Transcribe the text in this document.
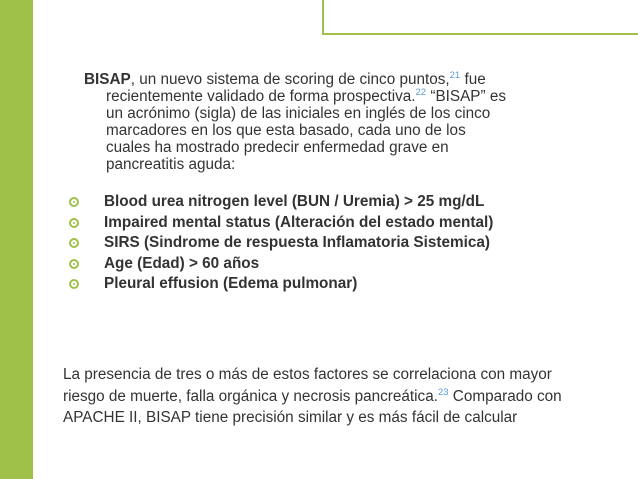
BISAP, un nuevo sistema de scoring de cinco puntos,$^{21}$ fue recientemente validado de forma prospectiva.$^{22}$ “BISAP” es un acrónimo (sigla) de las iniciales en inglés de los cinco marcadores en los que esta basado, cada uno de los cuales ha mostrado predecir enfermedad grave en pancreatitis aguda:
Blood urea nitrogen level (BUN / Uremia) > 25 mg/dL
Impaired mental status (Alteración del estado mental)
SIRS (Sindrome de respuesta Inflamatoria Sistemica)
Age (Edad) > 60 años
Pleural effusion (Edema pulmonar)
La presencia de tres o más de estos factores se correlaciona con mayor riesgo de muerte, falla orgánica y necrosis pancreática.$^{23}$ Comparado con APACHE II, BISAP tiene precisión similar y es más fácil de calcular
